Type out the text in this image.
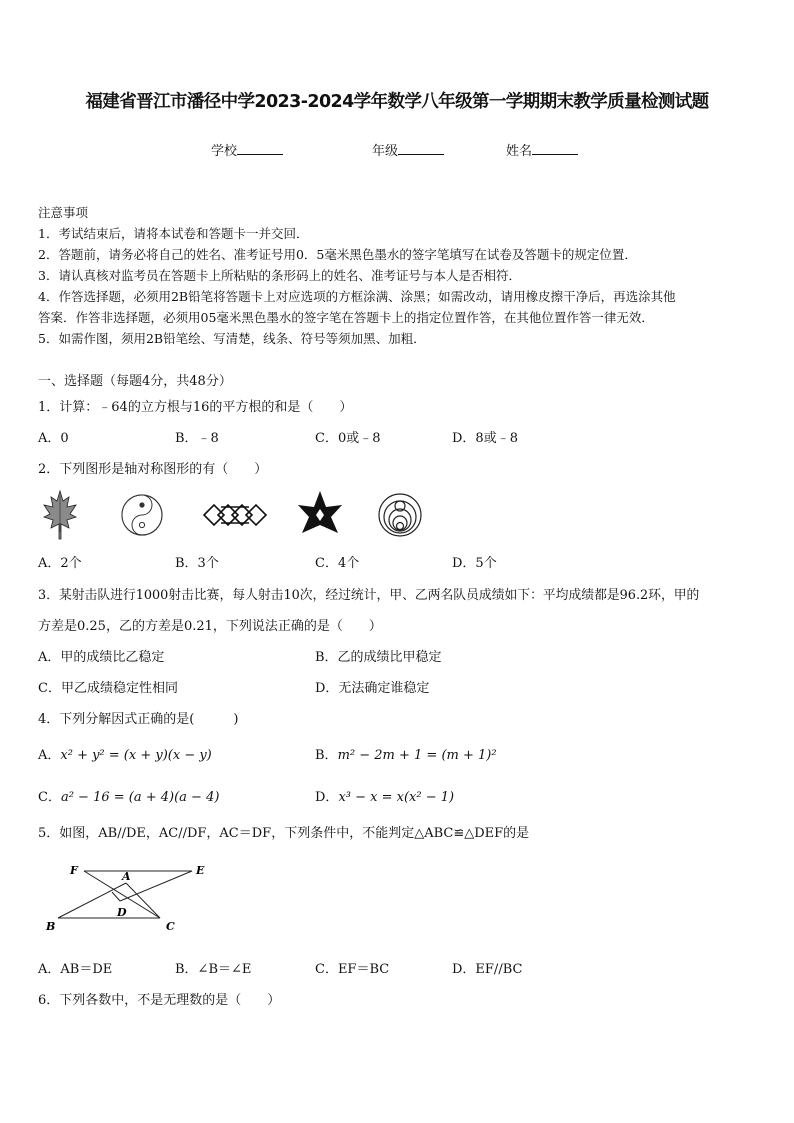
福建省晋江市潘径中学2023-2024学年数学八年级第一学期期末教学质量检测试题
学校	年级	姓名
注意事项
1．考试结束后，请将本试卷和答题卡一并交回．
2．答题前，请务必将自己的姓名、准考证号用0．5毫米黑色墨水的签字笔填写在试卷及答题卡的规定位置．
3．请认真核对监考员在答题卡上所粘贴的条形码上的姓名、准考证号与本人是否相符．
4．作答选择题，必须用2B铅笔将答题卡上对应选项的方框涂满、涂黑；如需改动，请用橡皮擦干净后，再选涂其他
答案．作答非选择题，必须用05毫米黑色墨水的签字笔在答题卡上的指定位置作答，在其他位置作答一律无效．
5．如需作图，须用2B铅笔绘、写清楚，线条、符号等须加黑、加粗．
一、选择题（每题4分，共48分）
1．计算：﹣64的立方根与16的平方根的和是（　　）
A．0	B．﹣8	C．0或﹣8	D．8或﹣8
2．下列图形是轴对称图形的有（　　）
A．2个	B．3个	C．4个	D．5个
3．某射击队进行1000射击比赛，每人射击10次，经过统计，甲、乙两名队员成绩如下：平均成绩都是96.2环，甲的
方差是0.25，乙的方差是0.21，下列说法正确的是（　　）
A．甲的成绩比乙稳定	B．乙的成绩比甲稳定
C．甲乙成绩稳定性相同	D．无法确定谁稳定
4．下列分解因式正确的是(　　　)
A．x² + y² = (x + y)(x − y)	B．m² − 2m + 1 = (m + 1)²
C．a² − 16 = (a + 4)(a − 4)	D．x³ − x = x(x² − 1)
5．如图，AB//DE，AC//DF，AC＝DF，下列条件中，不能判定△ABC≌△DEF的是
F	E
A
D
B	C
A．AB＝DE	B．∠B＝∠E	C．EF＝BC	D．EF//BC
6．下列各数中，不是无理数的是（　　）
